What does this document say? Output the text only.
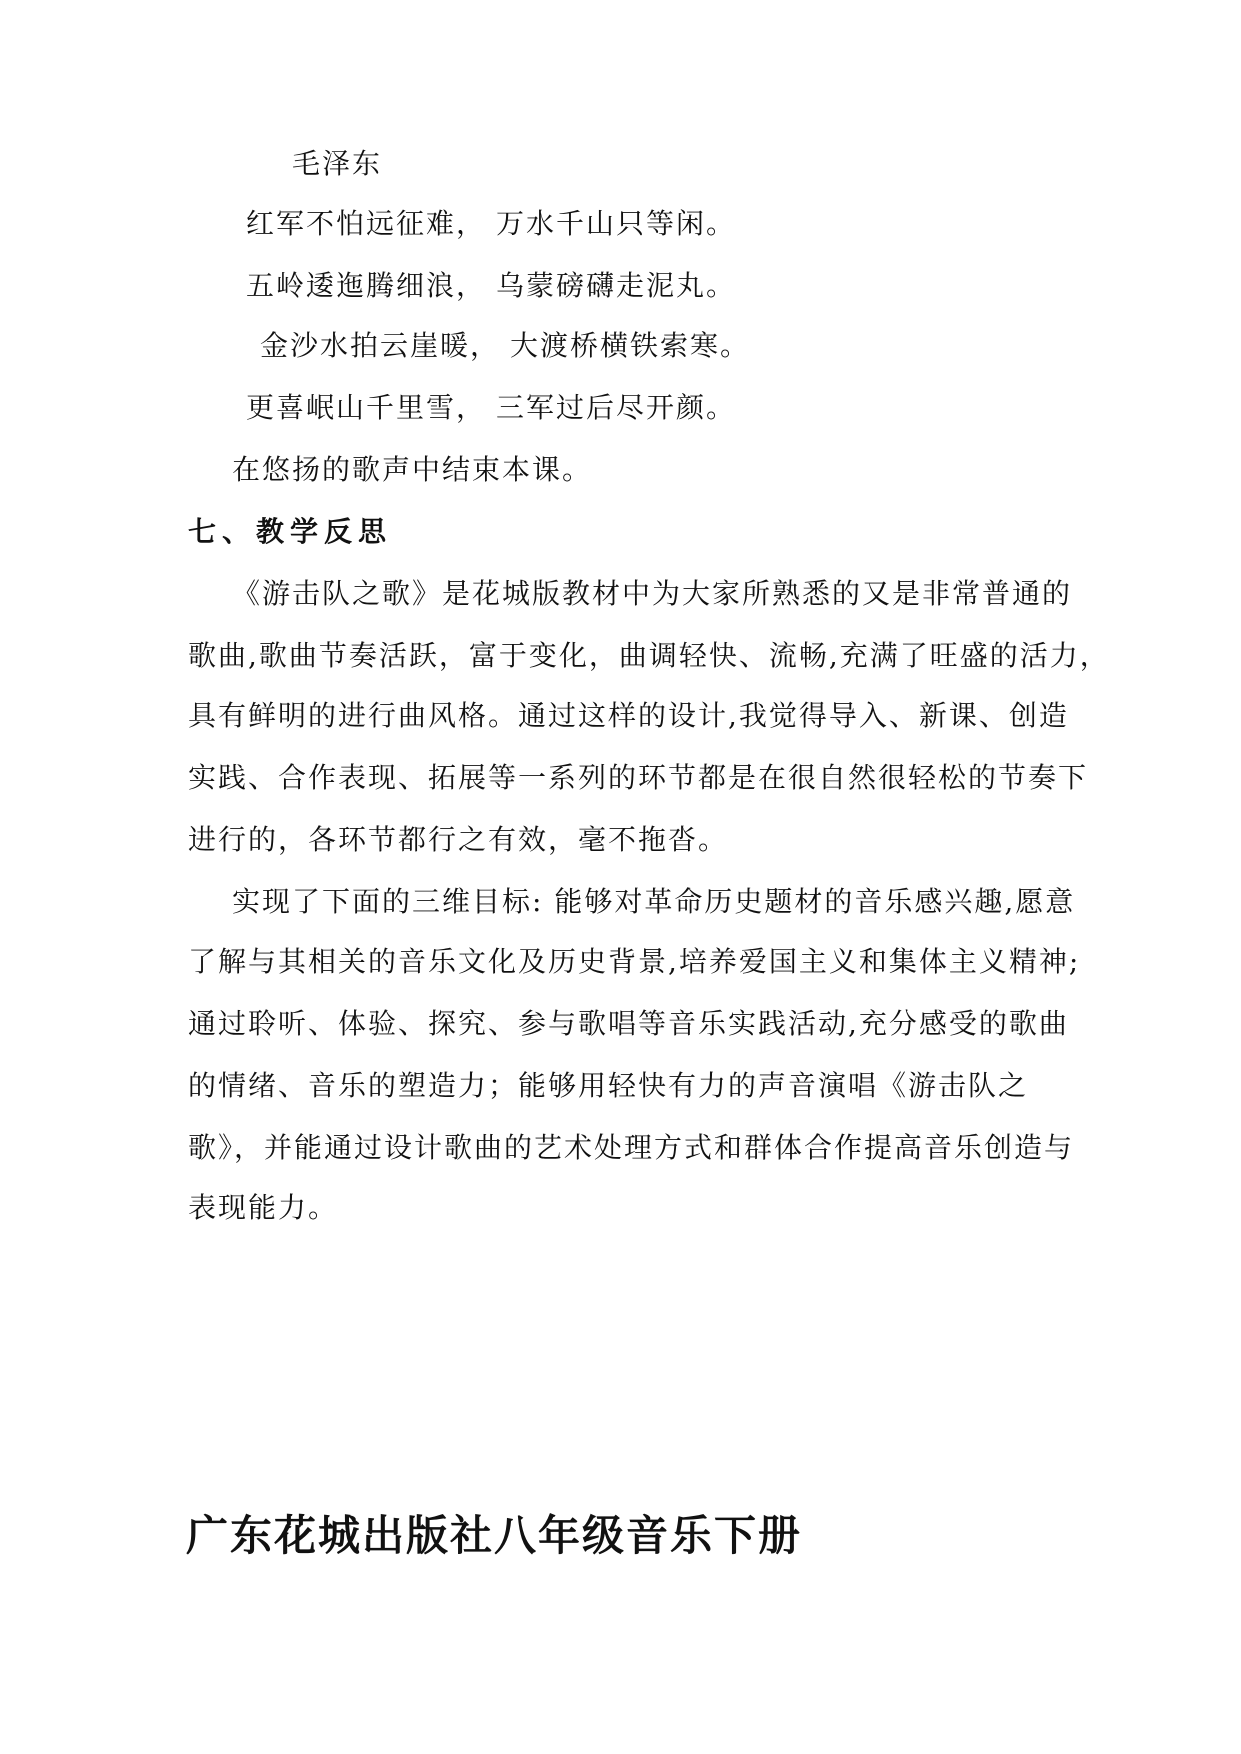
毛泽东
红军不怕远征难， 万水千山只等闲。
五岭逶迤腾细浪， 乌蒙磅礴走泥丸。
金沙水拍云崖暖， 大渡桥横铁索寒。
更喜岷山千里雪， 三军过后尽开颜。
在悠扬的歌声中结束本课。
七、教学反思
《游击队之歌》是花城版教材中为大家所熟悉的又是非常普通的
歌曲,歌曲节奏活跃，富于变化，曲调轻快、流畅,充满了旺盛的活力，
具有鲜明的进行曲风格。通过这样的设计,我觉得导入、新课、创造
实践、合作表现、拓展等一系列的环节都是在很自然很轻松的节奏下
进行的，各环节都行之有效，毫不拖沓。
实现了下面的三维目标: 能够对革命历史题材的音乐感兴趣,愿意
了解与其相关的音乐文化及历史背景,培养爱国主义和集体主义精神;
通过聆听、体验、探究、参与歌唱等音乐实践活动,充分感受的歌曲
的情绪、音乐的塑造力；能够用轻快有力的声音演唱《游击队之
歌》，并能通过设计歌曲的艺术处理方式和群体合作提高音乐创造与
表现能力。
广东花城出版社八年级音乐下册
